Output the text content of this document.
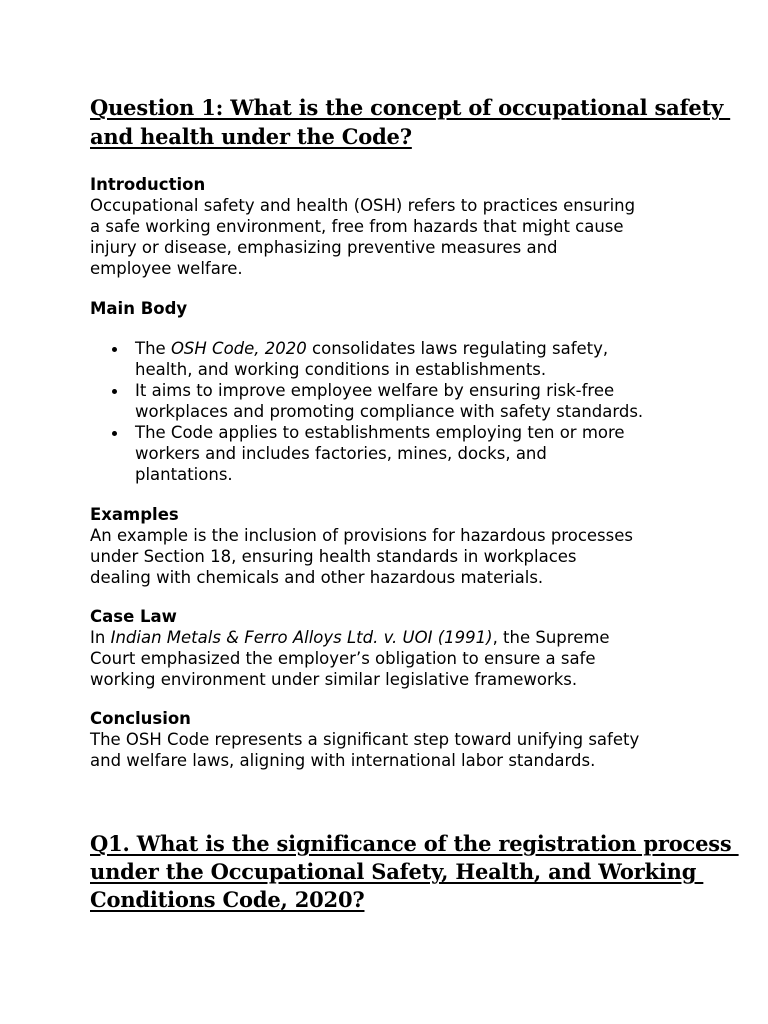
Question 1: What is the concept of occupational safety
and health under the Code?
Introduction

Occupational safety and health (OSH) refers to practices ensuring
a safe working environment, free from hazards that might cause
injury or disease, emphasizing preventive measures and
employee welfare.

Main Body
The OSH Code, 2020 consolidates laws regulating safety,
health, and working conditions in establishments.
It aims to improve employee welfare by ensuring risk-free
workplaces and promoting compliance with safety standards.
The Code applies to establishments employing ten or more
workers and includes factories, mines, docks, and
plantations.
Examples

An example is the inclusion of provisions for hazardous processes
under Section 18, ensuring health standards in workplaces
dealing with chemicals and other hazardous materials.

Case Law

In Indian Metals & Ferro Alloys Ltd. v. UOI (1991), the Supreme
Court emphasized the employer’s obligation to ensure a safe
working environment under similar legislative frameworks.

Conclusion

The OSH Code represents a significant step toward unifying safety
and welfare laws, aligning with international labor standards.

Q1. What is the significance of the registration process
under the Occupational Safety, Health, and Working
Conditions Code, 2020?
